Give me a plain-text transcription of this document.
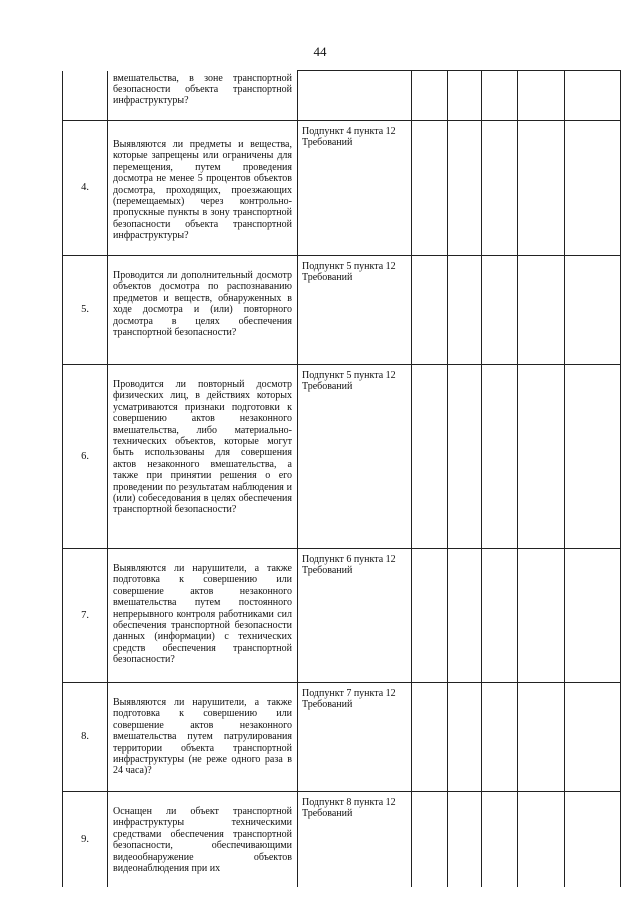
44
	вмешательства, в зоне транспортной безопасности объекта транспортной инфраструктуры?						
4.	Выявляются ли предметы и вещества, которые запрещены или ограничены для перемещения, путем проведения досмотра не менее 5 процентов объектов досмотра, проходящих, проезжающих (перемещаемых) через контрольно-пропускные пункты в зону транспортной безопасности объекта транспортной инфраструктуры?	Подпункт 4 пункта 12 Требований					
5.	Проводится ли дополнительный досмотр объектов досмотра по распознаванию предметов и веществ, обнаруженных в ходе досмотра и (или) повторного досмотра в целях обеспечения транспортной безопасности?	Подпункт 5 пункта 12 Требований					
6.	Проводится ли повторный досмотр физических лиц, в действиях которых усматриваются признаки подготовки к совершению актов незаконного вмешательства, либо материально-технических объектов, которые могут быть использованы для совершения актов незаконного вмешательства, а также при принятии решения о его проведении по результатам наблюдения и (или) собеседования в целях обеспечения транспортной безопасности?	Подпункт 5 пункта 12 Требований					
7.	Выявляются ли нарушители, а также подготовка к совершению или совершение актов незаконного вмешательства путем постоянного непрерывного контроля работниками сил обеспечения транспортной безопасности данных (информации) с технических средств обеспечения транспортной безопасности?	Подпункт 6 пункта 12 Требований					
8.	Выявляются ли нарушители, а также подготовка к совершению или совершение актов незаконного вмешательства путем патрулирования территории объекта транспортной инфраструктуры (не реже одного раза в 24 часа)?	Подпункт 7 пункта 12 Требований					
9.	Оснащен ли объект транспортной инфраструктуры техническими средствами обеспечения транспортной безопасности, обеспечивающими видеообнаружение объектов видеонаблюдения при их	Подпункт 8 пункта 12 Требований					
